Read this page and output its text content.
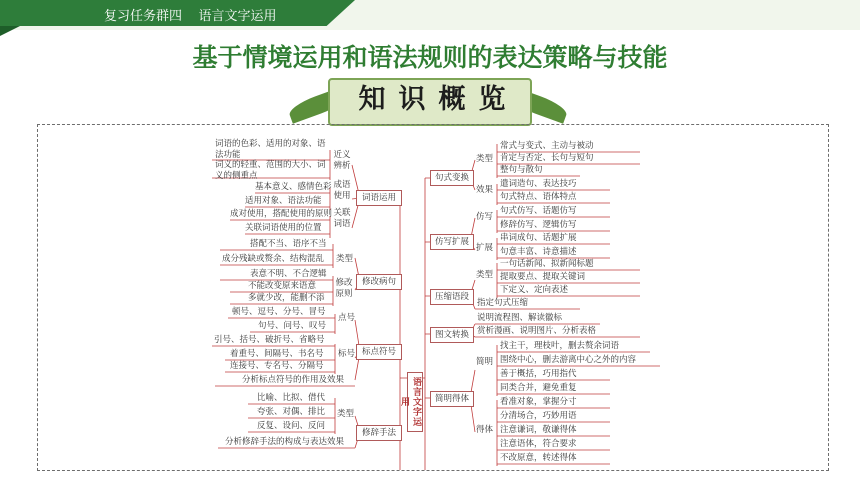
复习任务群四 语言文字运用
基于情境运用和语法规则的表达策略与技能
知 识 概 览
语言文字运用
词语运用
词语的色彩、适用的对象、语法功能
词义的轻重、范围的大小、词义的侧重点
近义辨析
基本意义、感情色彩
适用对象、语法功能
成语使用
成对使用，搭配使用的原则
关联词语使用的位置
关联词语
修改病句
搭配不当、语序不当
成分残缺或赘余、结构混乱
表意不明、不合逻辑
类型
不能改变原来语意
多就少改，能删不添
修改原则
标点符号
顿号、逗号、分号、冒号
句号、问号、叹号
点号
引号、括号、破折号、省略号
着重号、间隔号、书名号
连接号、专名号、分隔号
标号
分析标点符号的作用及效果
修辞手法
比喻、比拟、借代
夸张、对偶、排比
反复、设问、反问
类型
分析修辞手法的构成与表达效果
句式变换
类型
常式与变式、主动与被动
肯定与否定、长句与短句
整句与散句
效果
遣词造句、表达技巧
句式特点、语体特点
仿写扩展
仿写
句式仿写、话题仿写
修辞仿写、逻辑仿写
扩展
串词成句、话题扩展
句意丰富、诗意描述
压缩语段
类型
一句话新闻、拟新闻标题
提取要点、提取关键词
下定义、定向表述
指定句式压缩
图文转换
说明流程图、解读徽标
赏析漫画、说明图片、分析表格
简明得体
简明
找主干，理枝叶，删去赘余词语
围绕中心，删去游离中心之外的内容
善于概括，巧用指代
同类合并，避免重复
得体
看准对象，掌握分寸
分清场合，巧妙用语
注意谦词，敬谦得体
注意语体，符合要求
不改原意，转述得体
